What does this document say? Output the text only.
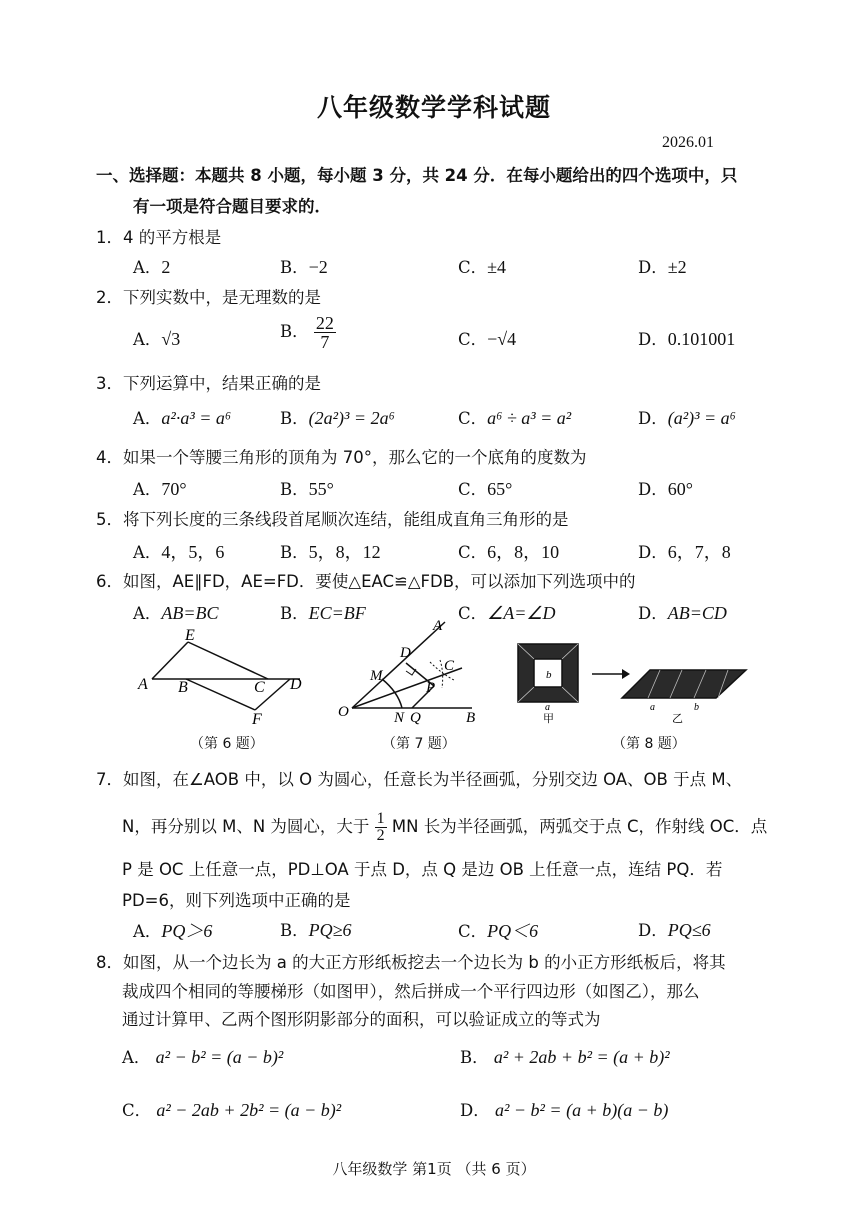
八年级数学学科试题
2026.01
一、选择题：本题共 8 小题，每小题 3 分，共 24 分．在每小题给出的四个选项中，只
有一项是符合题目要求的．
1．4 的平方根是
A．2	B．−2	C．±4	D．±2
2．下列实数中，是无理数的是
A．√3	B． $\frac{22}{7}$	C．−√4	D．0.101001
3．下列运算中，结果正确的是
A．a²·a³ = a⁶	B．(2a²)³ = 2a⁶	C．a⁶ ÷ a³ = a²	D．(a²)³ = a⁶
4．如果一个等腰三角形的顶角为 70°，那么它的一个底角的度数为
A．70°	B．55°	C．65°	D．60°
5．将下列长度的三条线段首尾顺次连结，能组成直角三角形的是
A．4，5，6	B．5，8，12	C．6，8，10	D．6，7，8
6．如图，AE∥FD，AE=FD．要使△EAC≌△FDB，可以添加下列选项中的
A．AB=BC	B．EC=BF	C．∠A=∠D	D．AB=CD
A B	C D
E
F
（第 6 题）
O
A
B
D
M
N Q
P
C
（第 7 题）
b
a
甲
a
乙
b
（第 8 题）
7．如图，在∠AOB 中，以 O 为圆心，任意长为半径画弧，分别交边 OA、OB 于点 M、
N，再分别以 M、N 为圆心，大于 $\frac{1}{2}$ MN 长为半径画弧，两弧交于点 C，作射线 OC．点
P 是 OC 上任意一点，PD⊥OA 于点 D，点 Q 是边 OB 上任意一点，连结 PQ．若
PD=6，则下列选项中正确的是
A．PQ＞6	B．PQ≥6	C．PQ＜6	D．PQ≤6
8．如图，从一个边长为 a 的大正方形纸板挖去一个边长为 b 的小正方形纸板后，将其
裁成四个相同的等腰梯形（如图甲），然后拼成一个平行四边形（如图乙），那么
通过计算甲、乙两个图形阴影部分的面积，可以验证成立的等式为
A． a² − b² = (a − b)²	B． a² + 2ab + b² = (a + b)²
C． a² − 2ab + 2b² = (a − b)²	D． a² − b² = (a + b)(a − b)
八年级数学 第1页 （共 6 页）
